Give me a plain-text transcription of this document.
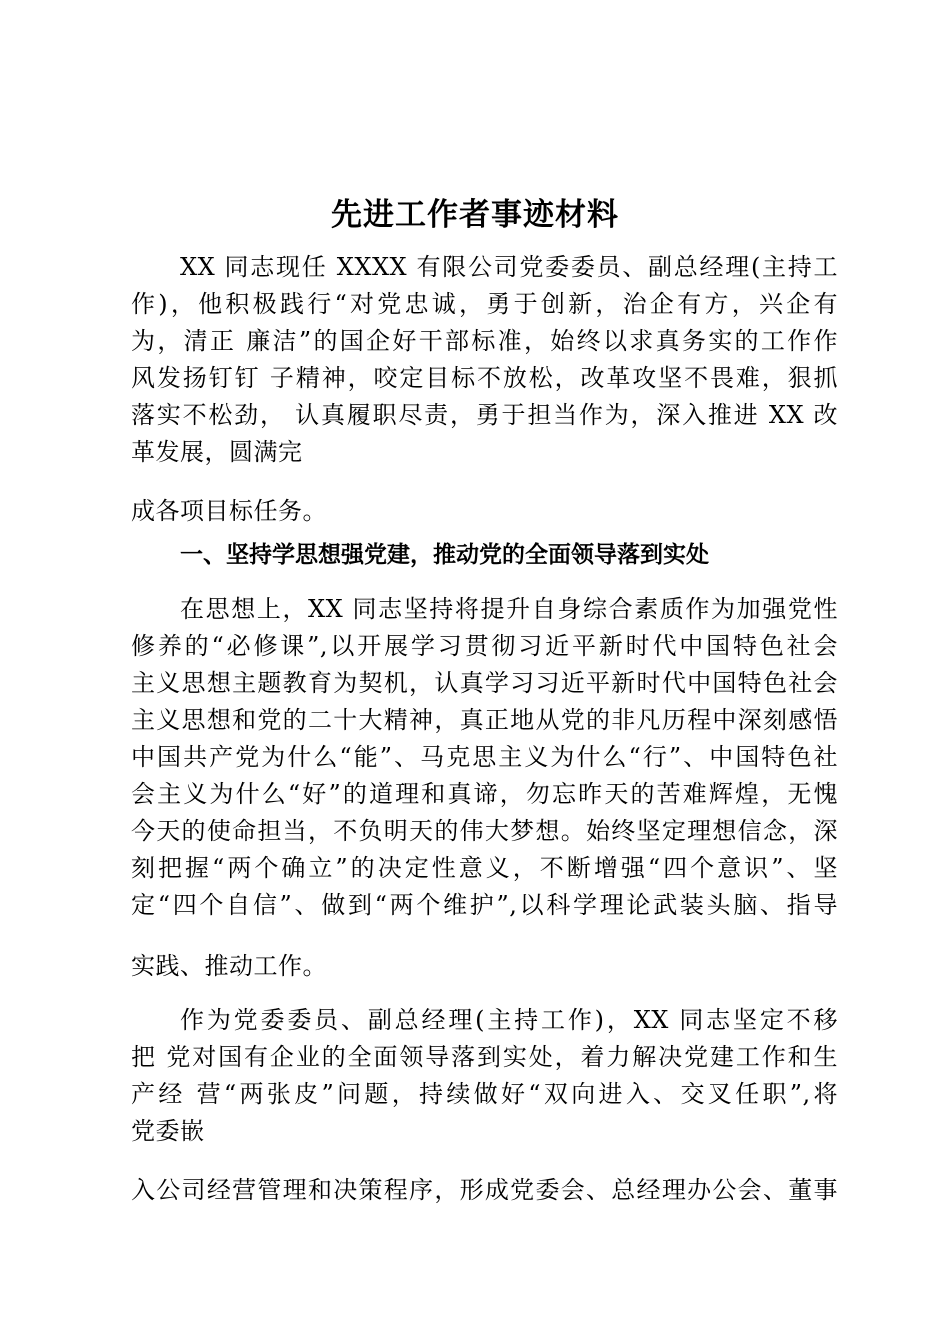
先进工作者事迹材料
XX 同志现任 XXXX 有限公司党委委员、副总经理(主持工
作)，他积极践行“对党忠诚，勇于创新，治企有方，兴企有
为，清正 廉洁”的国企好干部标准，始终以求真务实的工作作
风发扬钉钉 子精神，咬定目标不放松，改革攻坚不畏难，狠抓
落实不松劲， 认真履职尽责，勇于担当作为，深入推进 XX 改
革发展，圆满完
成各项目标任务。
一、坚持学思想强党建，推动党的全面领导落到实处
在思想上，XX 同志坚持将提升自身综合素质作为加强党性
修养的“必修课”,以开展学习贯彻习近平新时代中国特色社会
主义思想主题教育为契机，认真学习习近平新时代中国特色社会
主义思想和党的二十大精神，真正地从党的非凡历程中深刻感悟
中国共产党为什么“能”、马克思主义为什么“行”、中国特色社
会主义为什么“好”的道理和真谛，勿忘昨天的苦难辉煌，无愧
今天的使命担当，不负明天的伟大梦想。始终坚定理想信念，深
刻把握“两个确立”的决定性意义，不断增强“四个意识”、坚
定“四个自信”、做到“两个维护”,以科学理论武装头脑、指导
实践、推动工作。
作为党委委员、副总经理(主持工作)，XX 同志坚定不移
把 党对国有企业的全面领导落到实处，着力解决党建工作和生
产经 营“两张皮”问题，持续做好“双向进入、交叉任职”,将
党委嵌
入公司经营管理和决策程序，形成党委会、总经理办公会、董事
